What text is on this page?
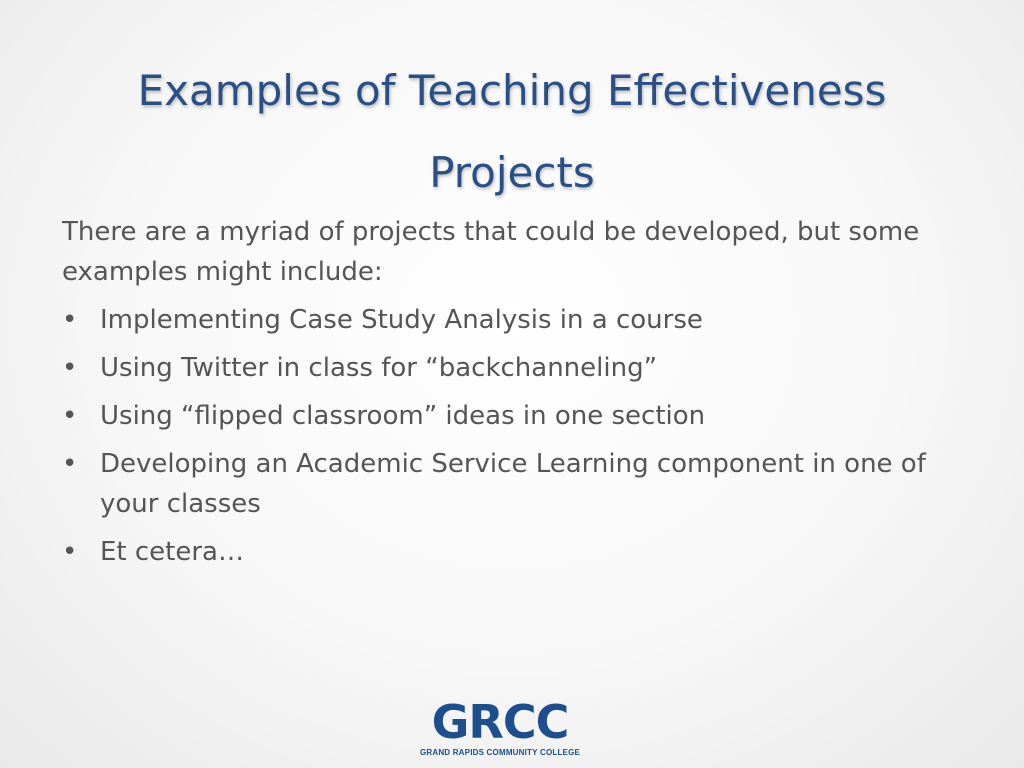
Examples of Teaching Effectiveness Projects

There are a myriad of projects that could be developed, but some examples might include:

• Implementing Case Study Analysis in a course
• Using Twitter in class for “backchanneling”
• Using “flipped classroom” ideas in one section
• Developing an Academic Service Learning component in one of your classes
• Et cetera…
GRCC
GRAND RAPIDS COMMUNITY COLLEGE
